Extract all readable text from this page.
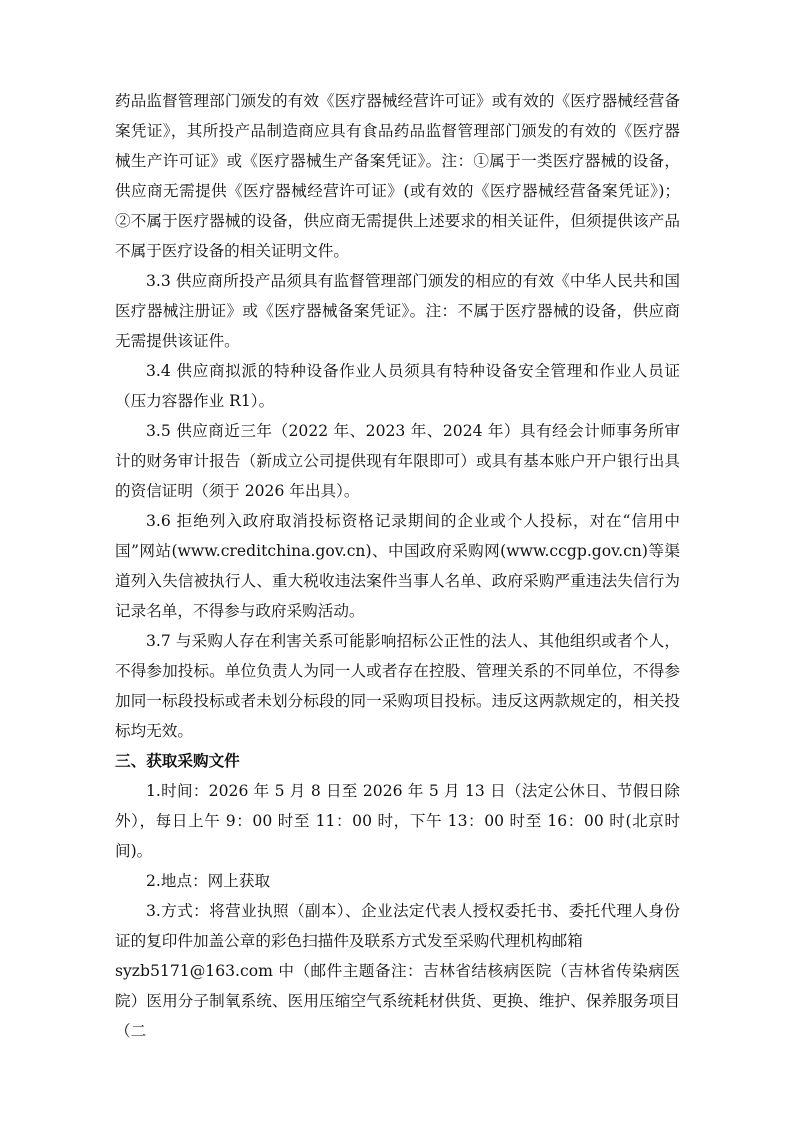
药品监督管理部门颁发的有效《医疗器械经营许可证》或有效的《医疗器械经营备案凭证》，其所投产品制造商应具有食品药品监督管理部门颁发的有效的《医疗器械生产许可证》或《医疗器械生产备案凭证》。注：①属于一类医疗器械的设备，供应商无需提供《医疗器械经营许可证》(或有效的《医疗器械经营备案凭证》)；②不属于医疗器械的设备，供应商无需提供上述要求的相关证件，但须提供该产品不属于医疗设备的相关证明文件。

3.3 供应商所投产品须具有监督管理部门颁发的相应的有效《中华人民共和国医疗器械注册证》或《医疗器械备案凭证》。注：不属于医疗器械的设备，供应商无需提供该证件。

3.4 供应商拟派的特种设备作业人员须具有特种设备安全管理和作业人员证（压力容器作业 R1）。

3.5 供应商近三年（2022 年、2023 年、2024 年）具有经会计师事务所审计的财务审计报告（新成立公司提供现有年限即可）或具有基本账户开户银行出具的资信证明（须于 2026 年出具）。

3.6 拒绝列入政府取消投标资格记录期间的企业或个人投标，对在“信用中国”网站(www.creditchina.gov.cn)、中国政府采购网(www.ccgp.gov.cn)等渠道列入失信被执行人、重大税收违法案件当事人名单、政府采购严重违法失信行为记录名单，不得参与政府采购活动。

3.7 与采购人存在利害关系可能影响招标公正性的法人、其他组织或者个人，不得参加投标。单位负责人为同一人或者存在控股、管理关系的不同单位，不得参加同一标段投标或者未划分标段的同一采购项目投标。违反这两款规定的，相关投标均无效。

三、获取采购文件

1.时间：2026 年 5 月 8 日至 2026 年 5 月 13 日（法定公休日、节假日除外），每日上午 9：00 时至 11：00 时，下午 13：00 时至 16：00 时(北京时间)。

2.地点：网上获取

3.方式：将营业执照（副本）、企业法定代表人授权委托书、委托代理人身份证的复印件加盖公章的彩色扫描件及联系方式发至采购代理机构邮箱

syzb5171@163.com 中（邮件主题备注：吉林省结核病医院（吉林省传染病医院）医用分子制氧系统、医用压缩空气系统耗材供货、更换、维护、保养服务项目（二
